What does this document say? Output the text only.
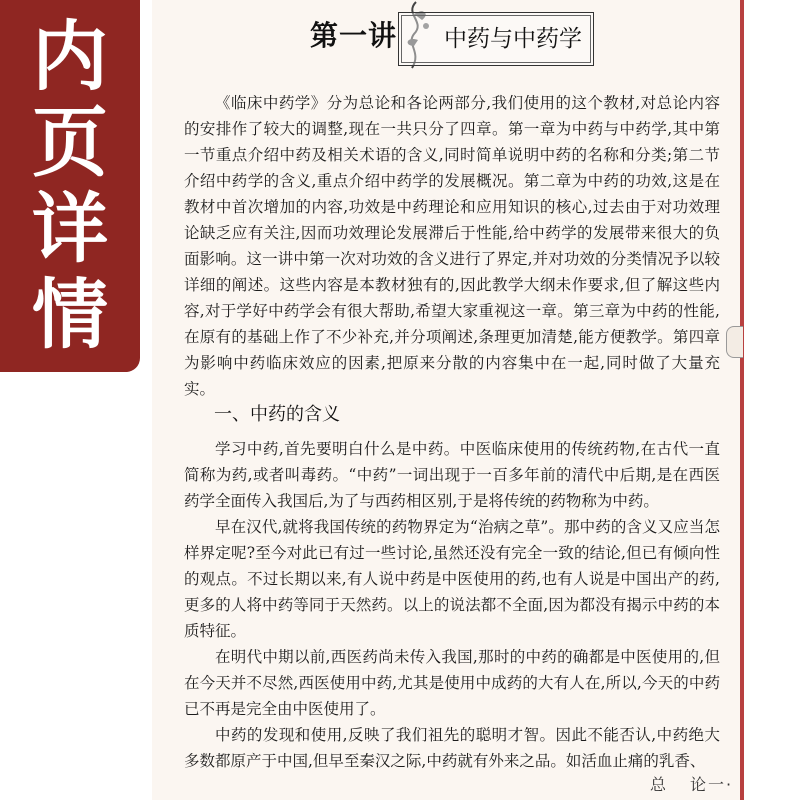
内
页
详
情
第一讲 中药与中药学

《临床中药学》分为总论和各论两部分,我们使用的这个教材,对总论内容的安排作了较大的调整,现在一共只分了四章。第一章为中药与中药学,其中第一节重点介绍中药及相关术语的含义,同时简单说明中药的名称和分类;第二节介绍中药学的含义,重点介绍中药学的发展概况。第二章为中药的功效,这是在教材中首次增加的内容,功效是中药理论和应用知识的核心,过去由于对功效理论缺乏应有关注,因而功效理论发展滞后于性能,给中药学的发展带来很大的负面影响。这一讲中第一次对功效的含义进行了界定,并对功效的分类情况予以较详细的阐述。这些内容是本教材独有的,因此教学大纲未作要求,但了解这些内容,对于学好中药学会有很大帮助,希望大家重视这一章。第三章为中药的性能,在原有的基础上作了不少补充,并分项阐述,条理更加清楚,能方便教学。第四章为影响中药临床效应的因素,把原来分散的内容集中在一起,同时做了大量充实。

一、中药的含义

学习中药,首先要明白什么是中药。中医临床使用的传统药物,在古代一直简称为药,或者叫毒药。“中药”一词出现于一百多年前的清代中后期,是在西医药学全面传入我国后,为了与西药相区别,于是将传统的药物称为中药。

早在汉代,就将我国传统的药物界定为“治病之草”。那中药的含义又应当怎样界定呢?至今对此已有过一些讨论,虽然还没有完全一致的结论,但已有倾向性的观点。不过长期以来,有人说中药是中医使用的药,也有人说是中国出产的药,更多的人将中药等同于天然药。以上的说法都不全面,因为都没有揭示中药的本质特征。

在明代中期以前,西医药尚未传入我国,那时的中药的确都是中医使用的,但在今天并不尽然,西医使用中药,尤其是使用中成药的大有人在,所以,今天的中药已不再是完全由中医使用了。

中药的发现和使用,反映了我们祖先的聪明才智。因此不能否认,中药绝大多数都原产于中国,但早至秦汉之际,中药就有外来之品。如活血止痛的乳香、

总 论一·
